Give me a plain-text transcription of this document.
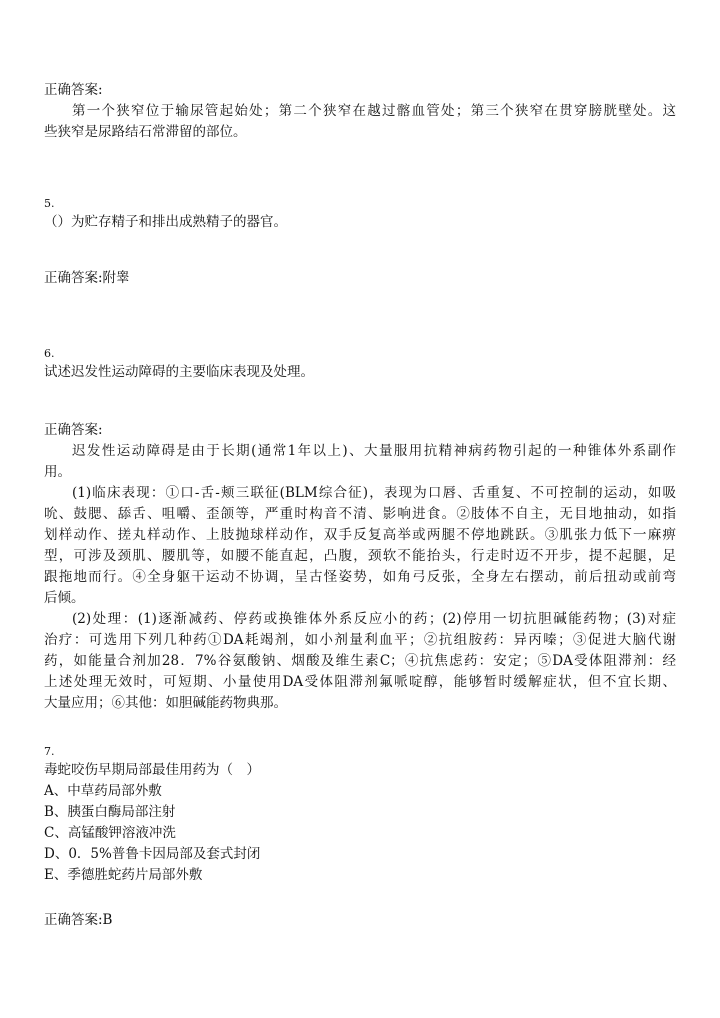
正确答案:
第一个狭窄位于输尿管起始处；第二个狭窄在越过髂血管处；第三个狭窄在贯穿膀胱壁处。这
些狭窄是尿路结石常滞留的部位。
5.
（）为贮存精子和排出成熟精子的器官。
正确答案:附睾
6.
试述迟发性运动障碍的主要临床表现及处理。
正确答案:
迟发性运动障碍是由于长期(通常1年以上)、大量服用抗精神病药物引起的一种锥体外系副作
用。
(1)临床表现：①口-舌-颊三联征(BLM综合征)，表现为口唇、舌重复、不可控制的运动，如吸
吮、鼓腮、舔舌、咀嚼、歪颌等，严重时构音不清、影响进食。②肢体不自主，无目地抽动，如指
划样动作、搓丸样动作、上肢抛球样动作，双手反复高举或两腿不停地跳跃。③肌张力低下一麻痹
型，可涉及颈肌、腰肌等，如腰不能直起，凸腹，颈软不能抬头，行走时迈不开步，提不起腿，足
跟拖地而行。④全身躯干运动不协调，呈古怪姿势，如角弓反张，全身左右摆动，前后扭动或前弯
后倾。
(2)处理：(1)逐渐减药、停药或换锥体外系反应小的药；(2)停用一切抗胆碱能药物；(3)对症
治疗：可选用下列几种药①DA耗竭剂，如小剂量利血平；②抗组胺药：异丙嗪；③促进大脑代谢
药，如能量合剂加28．7%谷氨酸钠、烟酸及维生素C；④抗焦虑药：安定；⑤DA受体阻滞剂：经
上述处理无效时，可短期、小量使用DA受体阻滞剂氟哌啶醇，能够暂时缓解症状，但不宜长期、
大量应用；⑥其他：如胆碱能药物典那。
7.
毒蛇咬伤早期局部最佳用药为（　）
A、中草药局部外敷
B、胰蛋白酶局部注射
C、高锰酸钾溶液冲洗
D、0．5%普鲁卡因局部及套式封闭
E、季德胜蛇药片局部外敷
正确答案:B
